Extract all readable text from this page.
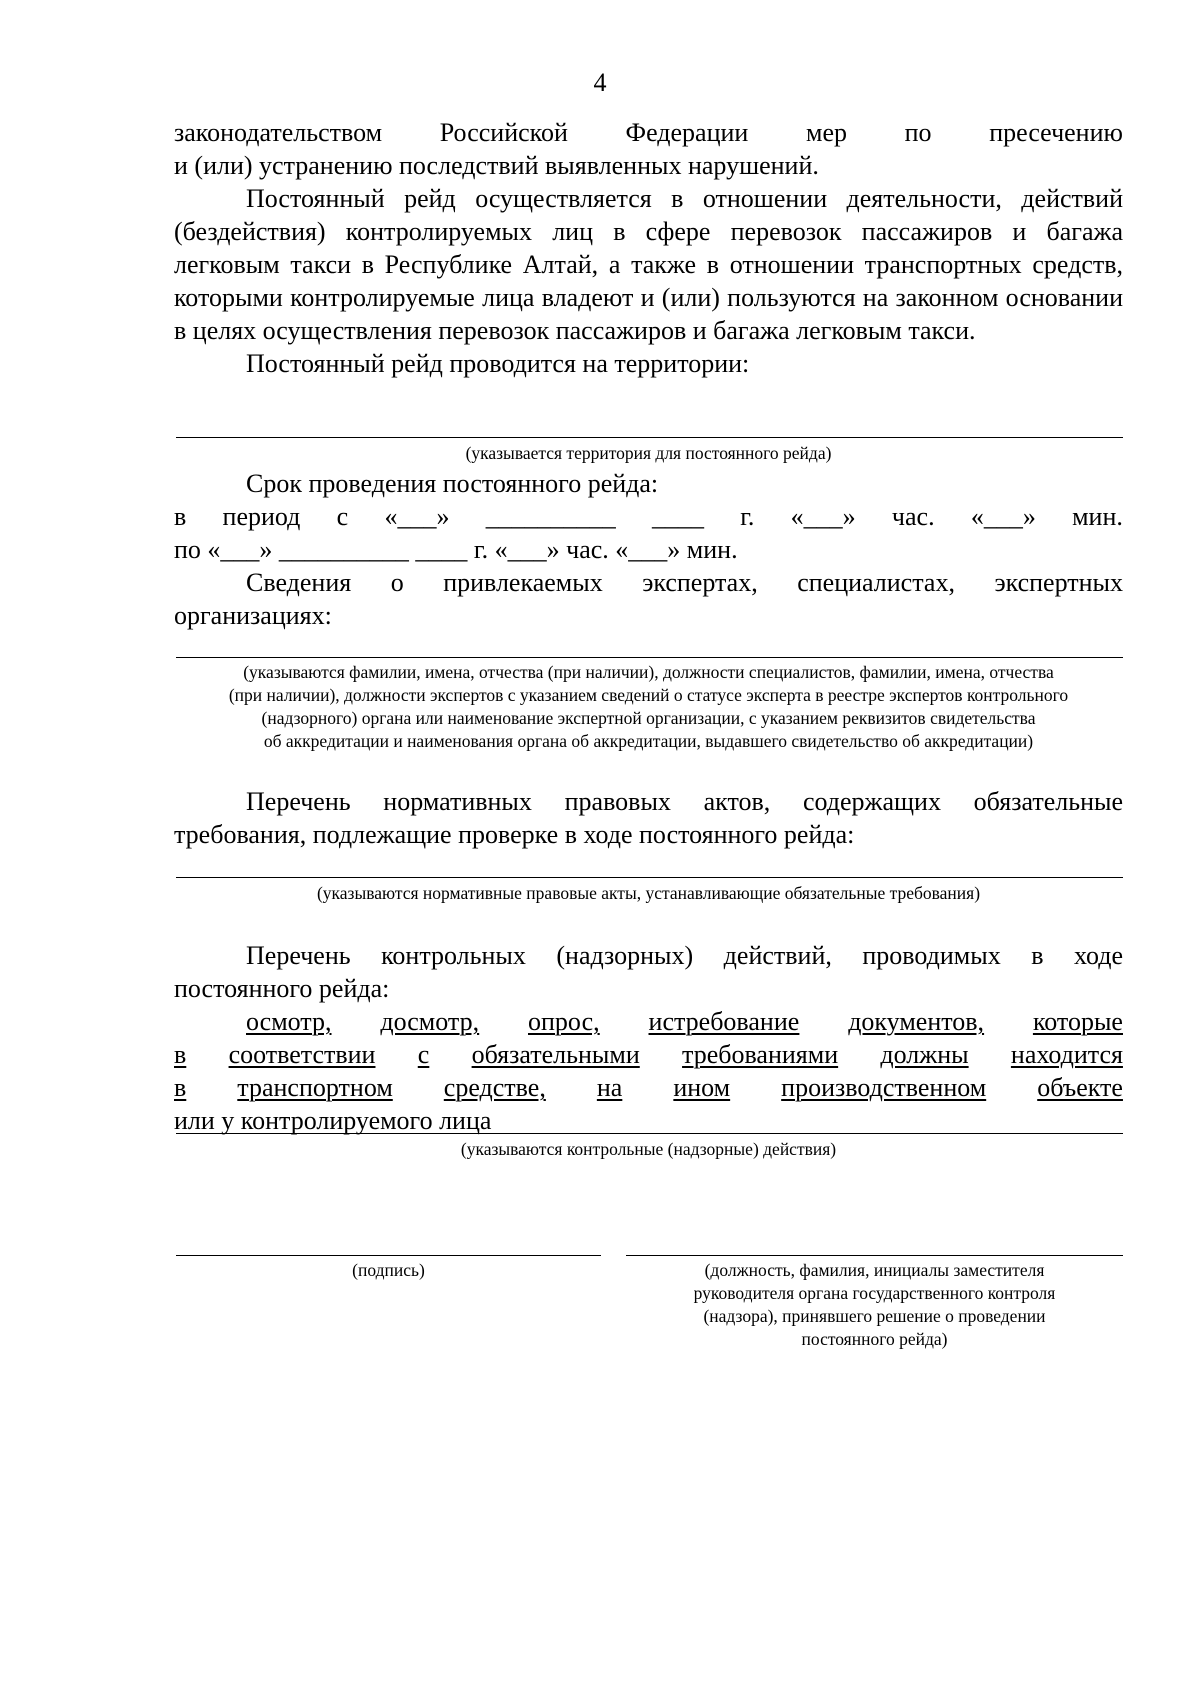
4
законодательством Российской Федерации мер по пресечению
и (или) устранению последствий выявленных нарушений.

Постоянный рейд осуществляется в отношении деятельности, действий (бездействия) контролируемых лиц в сфере перевозок пассажиров и багажа легковым такси в Республике Алтай, а также в отношении транспортных средств, которыми контролируемые лица владеют и (или) пользуются на законном основании в целях осуществления перевозок пассажиров и багажа легковым такси.

Постоянный рейд проводится на территории:

(указывается территория для постоянного рейда)
Срок проведения постоянного рейда:
в период с «___» __________ ____ г. «___» час. «___» мин.
по «___» __________ ____ г. «___» час. «___» мин.
Сведения о привлекаемых экспертах, специалистах, экспертных
организациях:
(указываются фамилии, имена, отчества (при наличии), должности специалистов, фамилии, имена, отчества
(при наличии), должности экспертов с указанием сведений о статусе эксперта в реестре экспертов контрольного
(надзорного) органа или наименование экспертной организации, с указанием реквизитов свидетельства
об аккредитации и наименования органа об аккредитации, выдавшего свидетельство об аккредитации)

Перечень нормативных правовых актов, содержащих обязательные требования, подлежащие проверке в ходе постоянного рейда:

(указываются нормативные правовые акты, устанавливающие обязательные требования)

Перечень контрольных (надзорных) действий, проводимых в ходе постоянного рейда:

осмотр, досмотр, опрос, истребование документов, которые
в соответствии с обязательными требованиями должны находится
в транспортном средстве, на ином производственном объекте
или у контролируемого лица
(указываются контрольные (надзорные) действия)
(подпись)	(должность, фамилия, инициалы заместителя
руководителя органа государственного контроля
(надзора), принявшего решение о проведении
постоянного рейда)
